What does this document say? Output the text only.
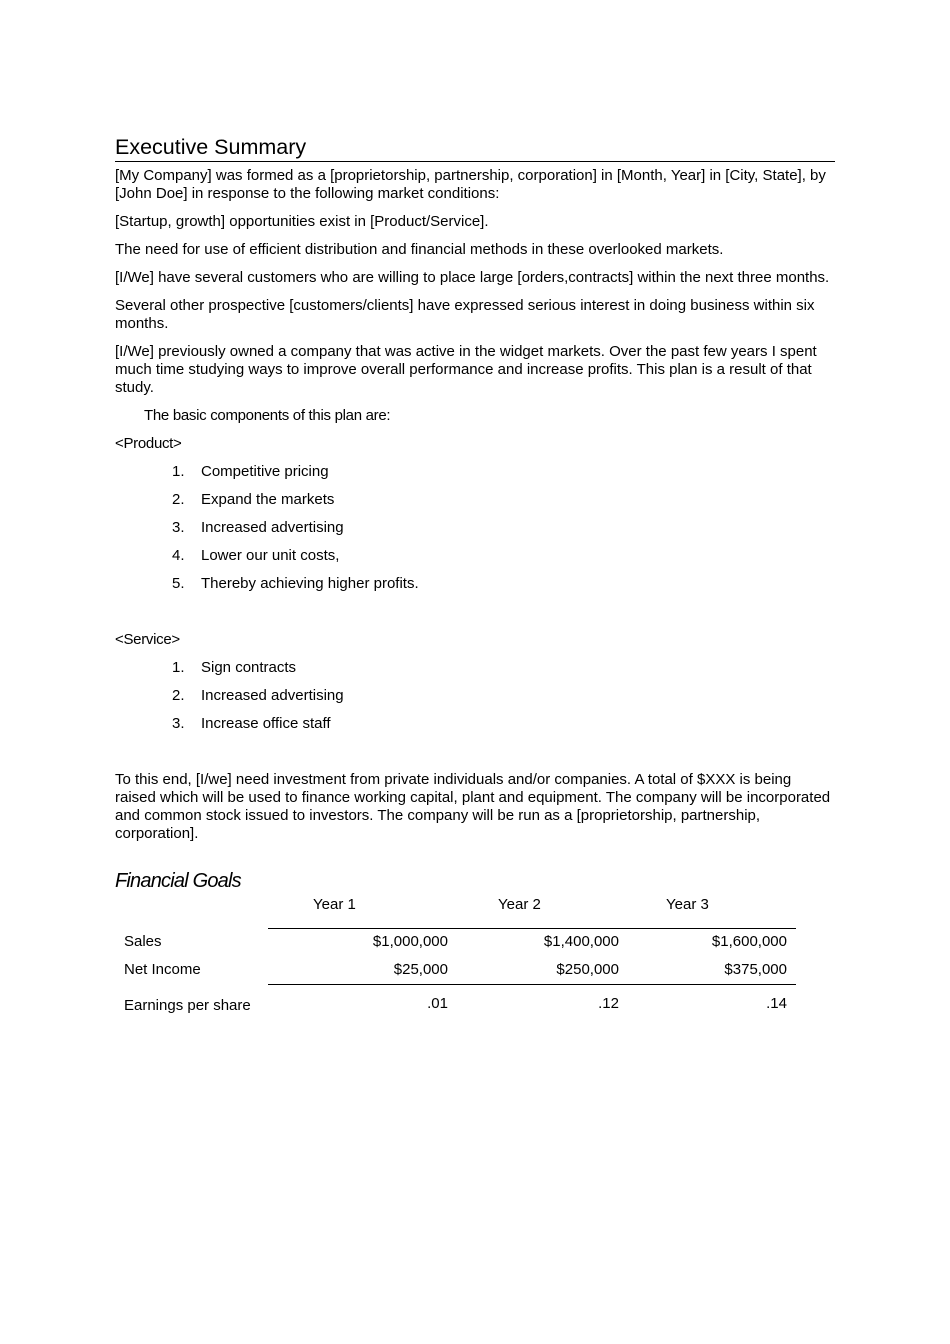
Executive Summary

[My Company] was formed as a [proprietorship, partnership, corporation] in [Month, Year] in [City, State], by [John Doe] in response to the following market conditions:

[Startup, growth] opportunities exist in [Product/Service].

The need for use of efficient distribution and financial methods in these overlooked markets.

[I/We] have several customers who are willing to place large [orders,contracts] within the next three months.

Several other prospective [customers/clients] have expressed serious interest in doing business within six months.

[I/We] previously owned a company that was active in the widget markets. Over the past few years I spent much time studying ways to improve overall performance and increase profits. This plan is a result of that study.

The basic components of this plan are:

<Product>

1.	Competitive pricing
2.	Expand the markets
3.	Increased advertising
4.	Lower our unit costs,
5.	Thereby achieving higher profits.

<Service>

1.	Sign contracts
2.	Increased advertising
3.	Increase office staff

To this end, [I/we] need investment from private individuals and/or companies. A total of $XXX is being raised which will be used to finance working capital, plant and equipment. The company will be incorporated and common stock issued to investors. The company will be run as a [proprietorship, partnership, corporation].

Financial Goals
	Year 1	Year 2	Year 3
Sales	$1,000,000	$1,400,000	$1,600,000
Net Income	$25,000	$250,000	$375,000
Earnings per share	.01	.12	.14
